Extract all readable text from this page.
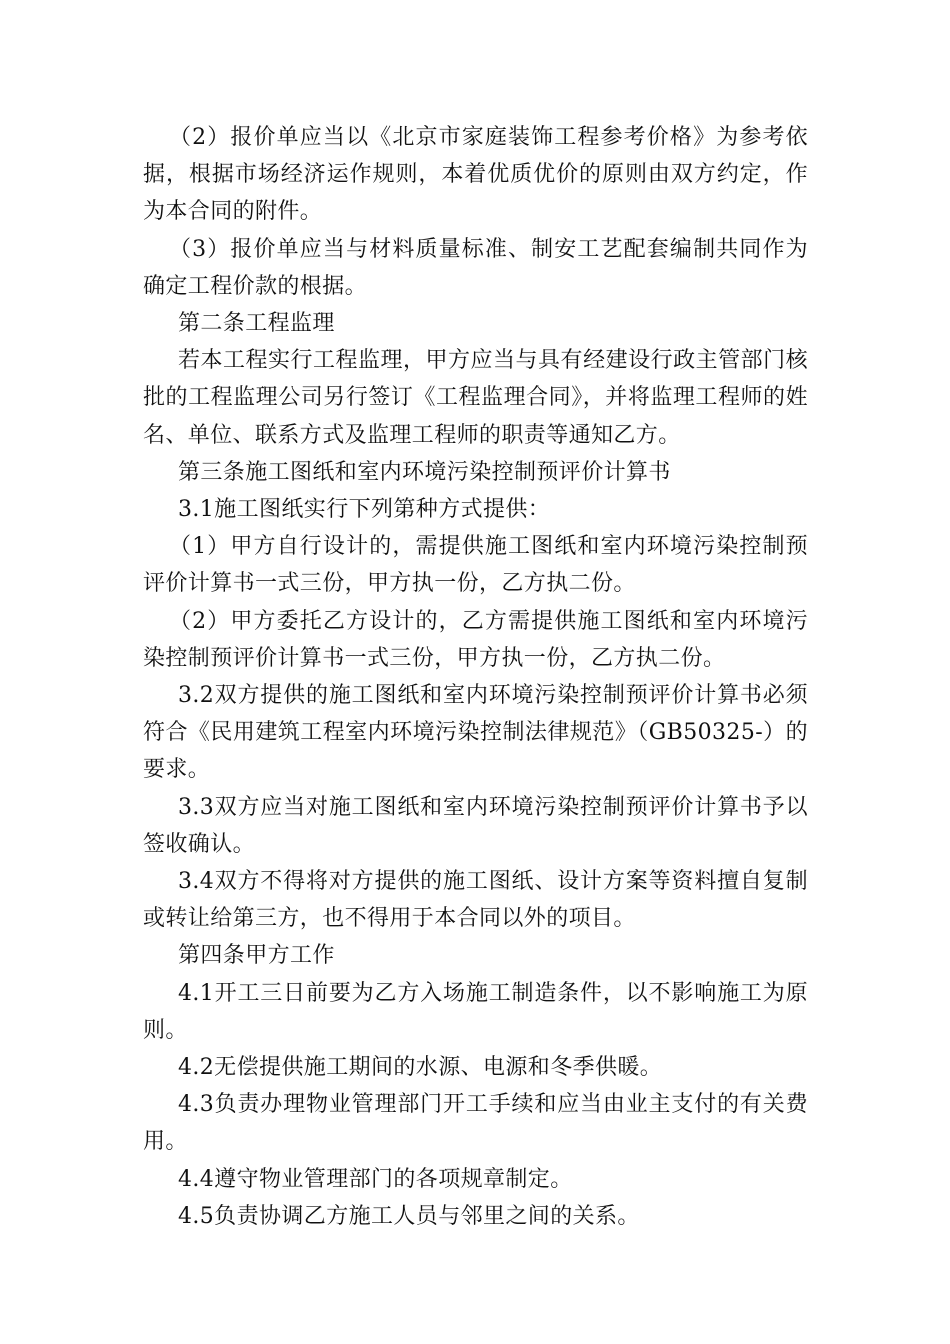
（2）报价单应当以《北京市家庭装饰工程参考价格》为参考依据，根据市场经济运作规则，本着优质优价的原则由双方约定，作为本合同的附件。

（3）报价单应当与材料质量标准、制安工艺配套编制共同作为确定工程价款的根据。

第二条工程监理

若本工程实行工程监理，甲方应当与具有经建设行政主管部门核批的工程监理公司另行签订《工程监理合同》，并将监理工程师的姓名、单位、联系方式及监理工程师的职责等通知乙方。

第三条施工图纸和室内环境污染控制预评价计算书

3.1施工图纸实行下列第种方式提供：

（1）甲方自行设计的，需提供施工图纸和室内环境污染控制预评价计算书一式三份，甲方执一份，乙方执二份。

（2）甲方委托乙方设计的，乙方需提供施工图纸和室内环境污染控制预评价计算书一式三份，甲方执一份，乙方执二份。

3.2双方提供的施工图纸和室内环境污染控制预评价计算书必须符合《民用建筑工程室内环境污染控制法律规范》（GB50325-）的要求。

3.3双方应当对施工图纸和室内环境污染控制预评价计算书予以签收确认。

3.4双方不得将对方提供的施工图纸、设计方案等资料擅自复制或转让给第三方，也不得用于本合同以外的项目。

第四条甲方工作

4.1开工三日前要为乙方入场施工制造条件，以不影响施工为原则。

4.2无偿提供施工期间的水源、电源和冬季供暖。

4.3负责办理物业管理部门开工手续和应当由业主支付的有关费用。

4.4遵守物业管理部门的各项规章制定。

4.5负责协调乙方施工人员与邻里之间的关系。
